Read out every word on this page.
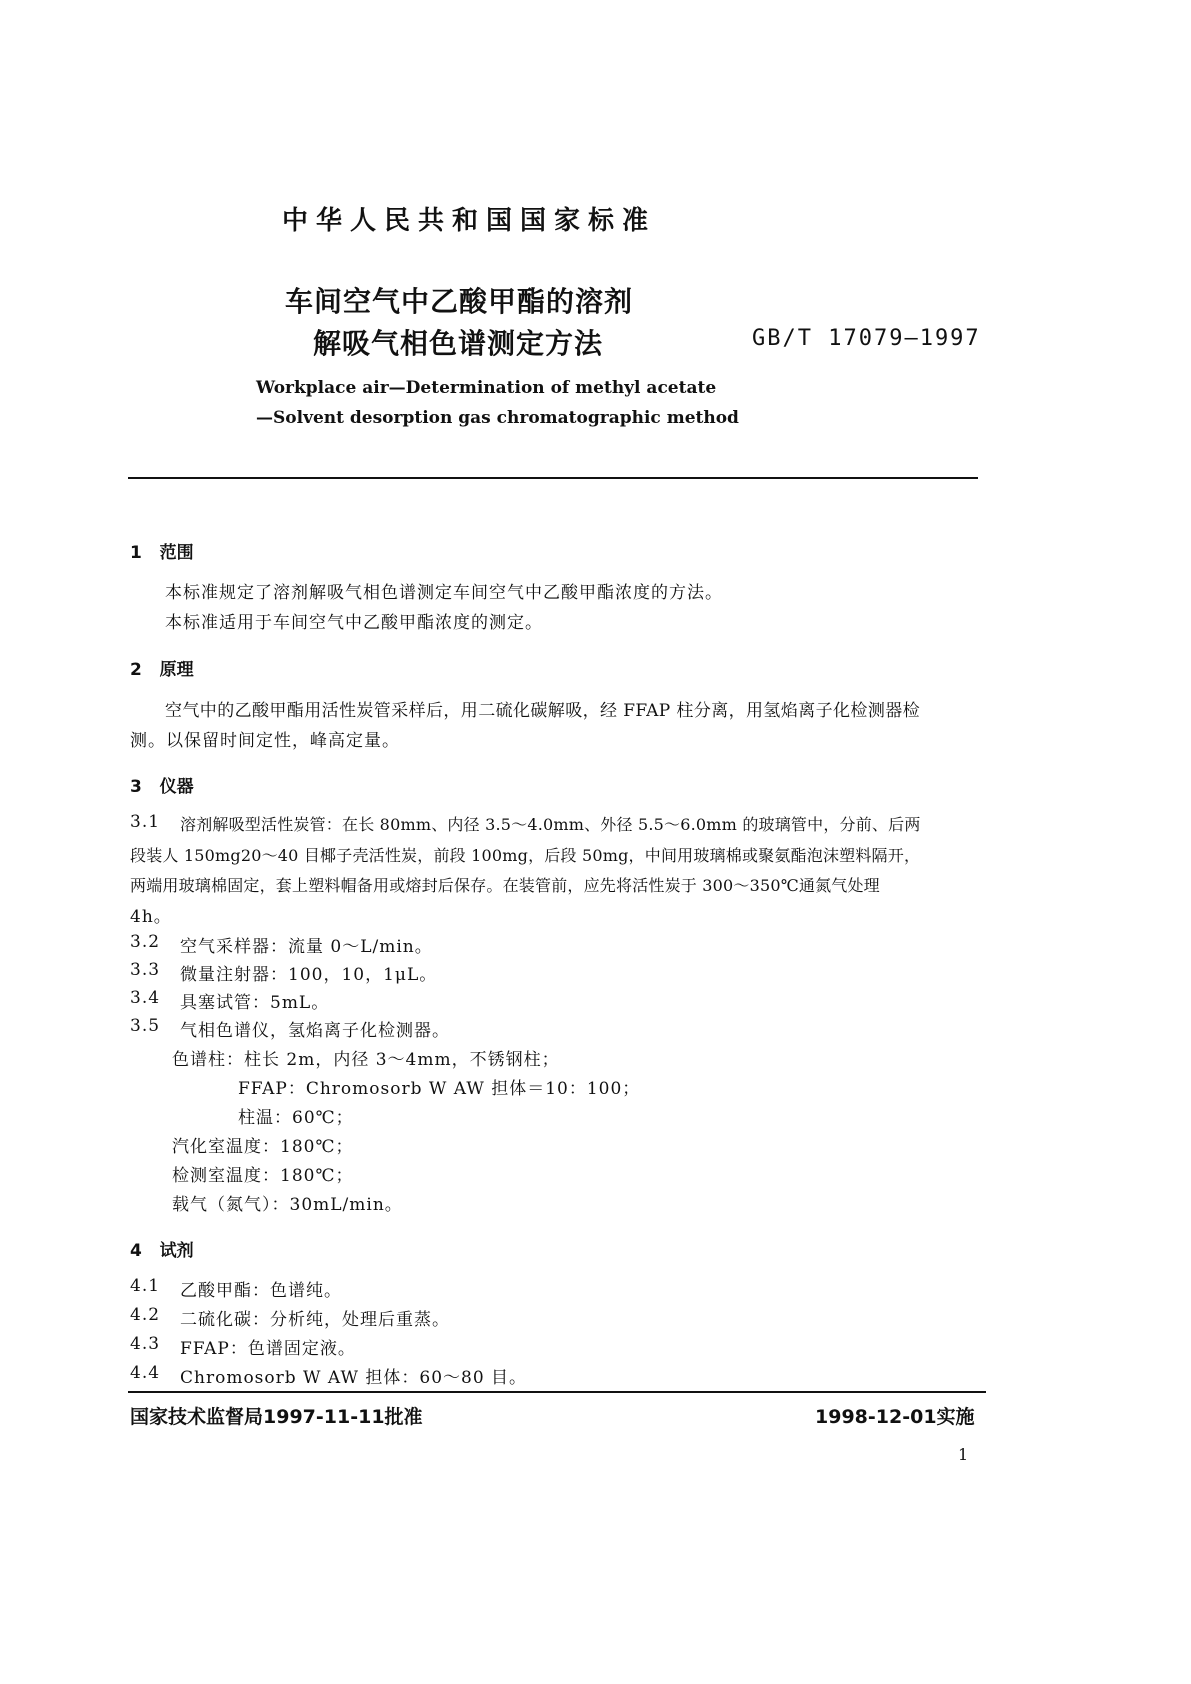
中华人民共和国国家标准
车间空气中乙酸甲酯的溶剂
解吸气相色谱测定方法	GB/T 17079—1997
Workplace air—Determination of methyl acetate
—Solvent desorption gas chromatographic method
1 范围
本标准规定了溶剂解吸气相色谱测定车间空气中乙酸甲酯浓度的方法。
本标准适用于车间空气中乙酸甲酯浓度的测定。
2 原理
空气中的乙酸甲酯用活性炭管采样后，用二硫化碳解吸，经 FFAP 柱分离，用氢焰离子化检测器检
测。以保留时间定性，峰高定量。
3 仪器
3.1 溶剂解吸型活性炭管：在长 80mm、内径 3.5～4.0mm、外径 5.5～6.0mm 的玻璃管中，分前、后两
段装人 150mg20～40 目椰子壳活性炭，前段 100mg，后段 50mg，中间用玻璃棉或聚氨酯泡沫塑料隔开，
两端用玻璃棉固定，套上塑料帽备用或熔封后保存。在装管前，应先将活性炭于 300～350℃通氮气处理
4h。
3.2 空气采样器：流量 0～L/min。
3.3 微量注射器：100，10，1μL。
3.4 具塞试管：5mL。
3.5 气相色谱仪，氢焰离子化检测器。
色谱柱：柱长 2m，内径 3～4mm，不锈钢柱；
FFAP：Chromosorb W AW 担体＝10：100；
柱温：60℃；
汽化室温度：180℃；
检测室温度：180℃；
载气（氮气）：30mL/min。
4 试剂
4.1 乙酸甲酯：色谱纯。
4.2 二硫化碳：分析纯，处理后重蒸。
4.3 FFAP：色谱固定液。
4.4 Chromosorb W AW 担体：60～80 目。
国家技术监督局1997-11-11批准	1998-12-01实施
1
